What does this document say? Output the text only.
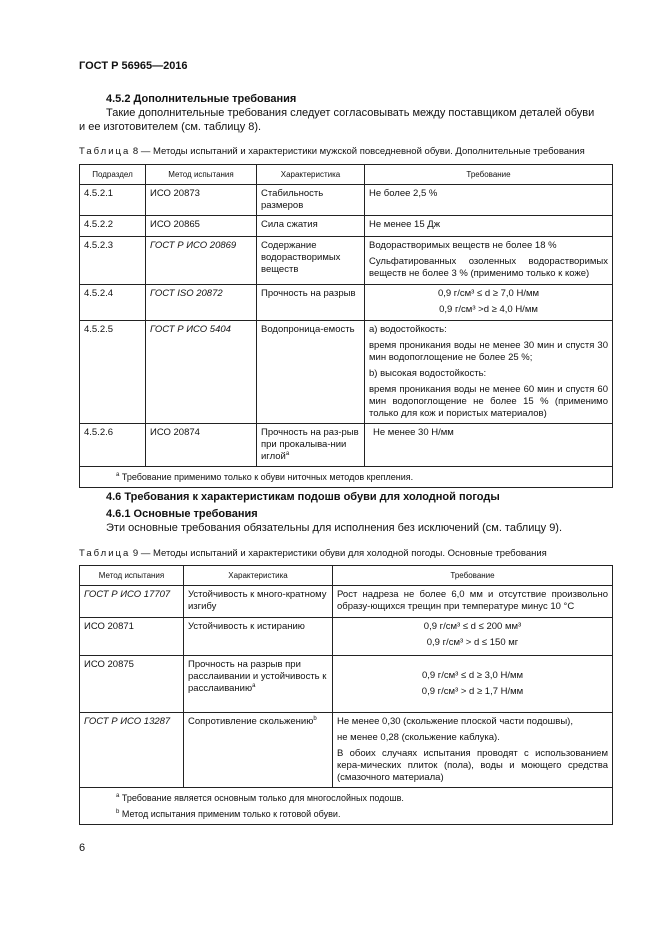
ГОСТ Р 56965—2016
4.5.2 Дополнительные требования

Такие дополнительные требования следует согласовывать между поставщиком деталей обуви и ее изготовителем (см. таблицу 8).

Таблица 8 — Методы испытаний и характеристики мужской повседневной обуви. Дополнительные требования
Подраздел	Метод испытания	Характеристика	Требование
4.5.2.1	ИСО 20873	Стабильность размеров	Не более 2,5 %
4.5.2.2	ИСО 20865	Сила сжатия	Не менее 15 Дж
4.5.2.3	ГОСТ Р ИСО 20869	Содержание водорастворимых веществ	Водорастворимых веществ не более 18 %
Сульфатированных озоленных водорастворимых веществ не более 3 % (применимо только к коже)

4.5.2.4	ГОСТ ISO 20872	Прочность на разрыв	0,9 г/см³ ≤ d ≥ 7,0 Н/мм
0,9 г/см³ >d ≥ 4,0 Н/мм

4.5.2.5	ГОСТ Р ИСО 5404	Водопроница-емость	а) водостойкость:
время проникания воды не менее 30 мин и спустя 30 мин водопоглощение не более 25 %;
b) высокая водостойкость:
время проникания воды не менее 60 мин и спустя 60 мин водопоглощение не более 15 % (применимо только для кож и пористых материалов)

4.5.2.6	ИСО 20874	Прочность на раз-рыв при прокалыва-нии иглой$^a$	Не менее 30 Н/мм
$^a$ Требование применимо только к обуви ниточных методов крепления.			
4.6 Требования к характеристикам подошв обуви для холодной погоды
4.6.1 Основные требования

Эти основные требования обязательны для исполнения без исключений (см. таблицу 9).

Таблица 9 — Методы испытаний и характеристики обуви для холодной погоды. Основные требования
Метод испытания	Характеристика	Требование
ГОСТ Р ИСО 17707	Устойчивость к много-кратному изгибу	Рост надреза не более 6,0 мм и отсутствие произвольно образу-ющихся трещин при температуре минус 10 °С
ИСО 20871	Устойчивость к истиранию	0,9 г/см³ ≤ d ≤ 200 мм³
0,9 г/см³ > d ≤ 150 мг

ИСО 20875	Прочность на разрыв при расслаивании и устойчивость к расслаиванию$^a$	0,9 г/см³ ≤ d ≥ 3,0 Н/мм
0,9 г/см³ > d ≥ 1,7 Н/мм

ГОСТ Р ИСО 13287	Сопротивление скольжению$^b$	Не менее 0,30 (скольжение плоской части подошвы),
не менее 0,28 (скольжение каблука).
В обоих случаях испытания проводят с использованием кера-мических плиток (пола), воды и моющего средства (смазочного материала)

$^a$ Требование является основным только для многослойных подошв.
$^b$ Метод испытания применим только к готовой обуви.		
6
